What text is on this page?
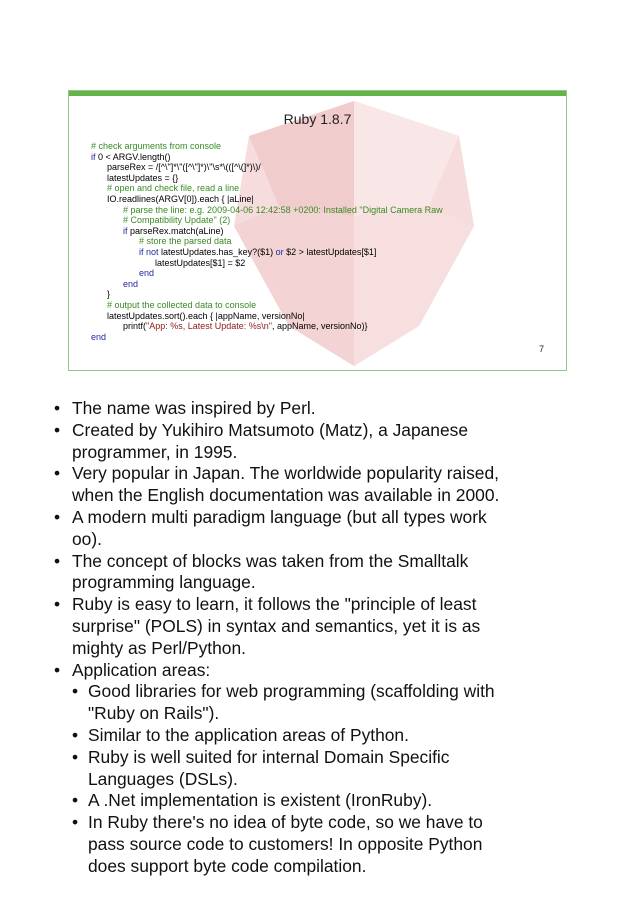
Ruby 1.8.7
# check arguments from console
if 0 < ARGV.length()
parseRex = /[^\"]*\"([^\"]*)\"\s*\(([^\(]*)\)/
latestUpdates = {}
# open and check file, read a line
IO.readlines(ARGV[0]).each { |aLine|
# parse the line: e.g. 2009-04-06 12:42:58 +0200: Installed "Digital Camera Raw
# Compatibility Update" (2)
if parseRex.match(aLine)
# store the parsed data
if not latestUpdates.has_key?($1) or $2 > latestUpdates[$1]
latestUpdates[$1] = $2
end
end
}
# output the collected data to console
latestUpdates.sort().each { |appName, versionNo|
printf("App: %s, Latest Update: %s\n", appName, versionNo)}
end
7
• The name was inspired by Perl.
• Created by Yukihiro Matsumoto (Matz), a Japanese
programmer, in 1995.
• Very popular in Japan. The worldwide popularity raised,
when the English documentation was available in 2000.
• A modern multi paradigm language (but all types work
oo).
• The concept of blocks was taken from the Smalltalk
programming language.
• Ruby is easy to learn, it follows the "principle of least
surprise" (POLS) in syntax and semantics, yet it is as
mighty as Perl/Python.
• Application areas:
• Good libraries for web programming (scaffolding with
"Ruby on Rails").
• Similar to the application areas of Python.
• Ruby is well suited for internal Domain Specific
Languages (DSLs).
• A .Net implementation is existent (IronRuby).
• In Ruby there's no idea of byte code, so we have to
pass source code to customers! In opposite Python
does support byte code compilation.
